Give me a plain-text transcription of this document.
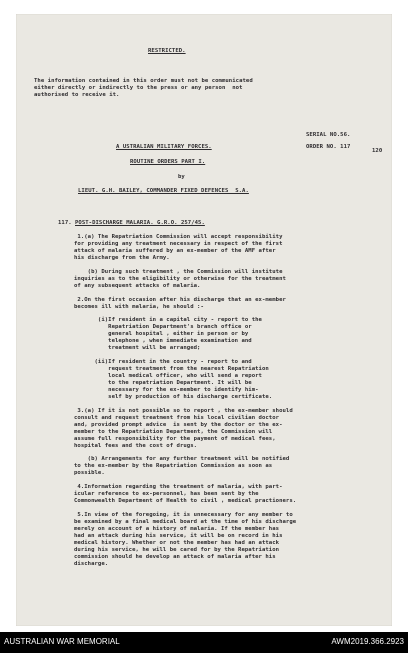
RESTRICTED.
The information contained in this order must not be communicated
either directly or indirectly to the press or any person  not
authorised to receive it.
SERIAL NO.56.
A USTRALIAN MILITARY FORCES.	ORDER NO. 117
120
ROUTINE ORDERS PART I.
by
LIEUT. G.H. BAILEY, COMMANDER FIXED DEFENCES  S.A.
117. POST-DISCHARGE MALARIA. G.R.O. 257/45.
1.(a) The Repatriation Commission will accept responsibility
for providing any treatment necessary in respect of the first
attack of malaria suffered by an ex-member of the AMF after
his discharge from the Army.
(b) During such treatment , the Commission will institute
inquiries as to the eligibility or otherwise for the treatment
of any subsequent attacks of malaria.
2.On the first occasion after his discharge that an ex-member
becomes ill with malaria, he should :-
(i)If resident in a capital city - report to the
Repatriation Department's branch office or
general hospital , either in person or by
telephone , when immediate examination and
treatment will be arranged;
(ii)If resident in the country - report to and
request treatment from the nearest Repatriation
local medical officer, who will send a report
to the repatriation Department. It will be
necessary for the ex-member to identify him-
self by production of his discharge certificate.
3.(a) If it is not possible so to report , the ex-member should
consult and request treatment from his local civilian doctor
and, provided prompt advice  is sent by the doctor or the ex-
member to the Repatriation Department, the Commission will
assume full responsibility for the payment of medical fees,
hospital fees and the cost of drugs.
(b) Arrangements for any further treatment will be notified
to the ex-member by the Repatriation Commission as soon as
possible.
4.Information regarding the treatment of malaria, with part-
icular reference to ex-personnel, has been sent by the
Commonwealth Department of Health to civil , medical practioners.
5.In view of the foregoing, it is unnecessary for any member to
be examined by a final medical board at the time of his discharge
merely on account of a history of malaria. If the member has
had an attack during his service, it will be on record in his
medical history. Whether or not the member has had an attack
during his service, he will be cared for by the Repatriation
commission should he develop an attack of malaria after his
discharge.
AUSTRALIAN WAR MEMORIAL	AWM2019.366.2923
